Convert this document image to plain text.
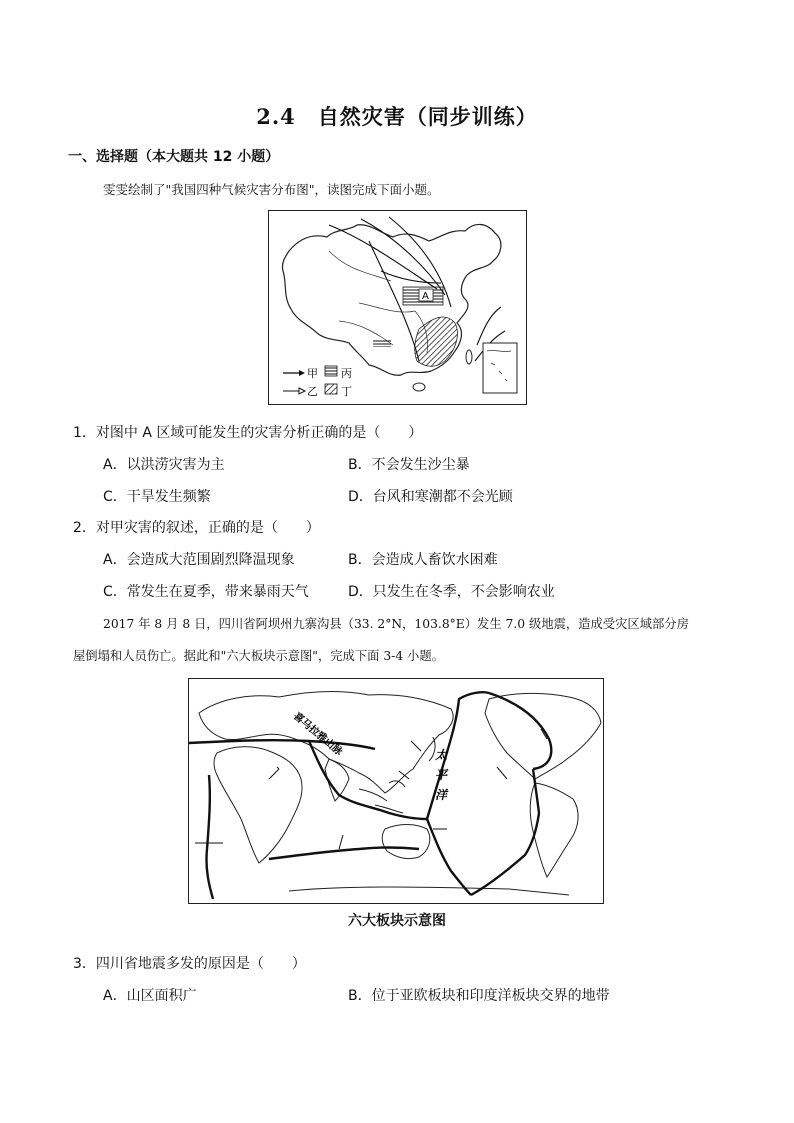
2.4　自然灾害（同步训练）
一、选择题（本大题共 12 小题）
雯雯绘制了"我国四种气候灾害分布图"，读图完成下面小题。
A
甲
乙
丙
丁
1．对图中 A 区域可能发生的灾害分析正确的是（　　）
A．以洪涝灾害为主	B．不会发生沙尘暴
C．干旱发生频繁	D．台风和寒潮都不会光顾
2．对甲灾害的叙述，正确的是（　　）
A．会造成大范围剧烈降温现象	B．会造成人畜饮水困难
C．常发生在夏季，带来暴雨天气	D．只发生在冬季，不会影响农业
2017 年 8 月 8 日，四川省阿坝州九寨沟县（33. 2°N，103.8°E）发生 7.0 级地震，造成受灾区域部分房
屋倒塌和人员伤亡。据此和"六大板块示意图"，完成下面 3-4 小题。
喜马拉雅山脉	太
平
洋
六大板块示意图
3．四川省地震多发的原因是（　　）
A．山区面积广	B．位于亚欧板块和印度洋板块交界的地带
